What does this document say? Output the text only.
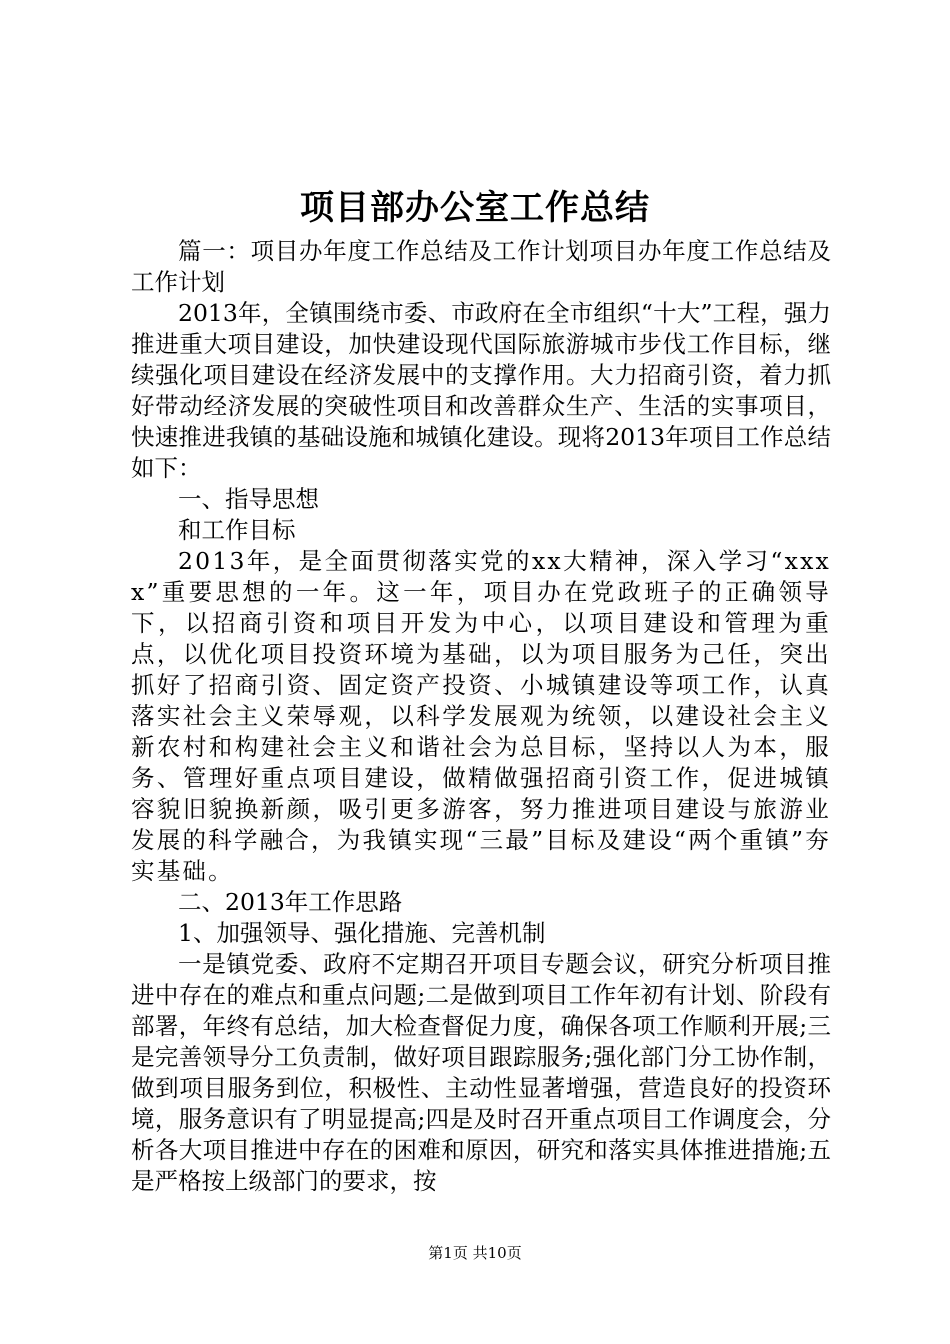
项目部办公室工作总结

篇一：项目办年度工作总结及工作计划项目办年度工作总结及工作计划

2013年，全镇围绕市委、市政府在全市组织“十大”工程，强力推进重大项目建设，加快建设现代国际旅游城市步伐工作目标，继续强化项目建设在经济发展中的支撑作用。大力招商引资，着力抓好带动经济发展的突破性项目和改善群众生产、生活的实事项目，快速推进我镇的基础设施和城镇化建设。现将2013年项目工作总结如下：

一、指导思想

和工作目标

2013年，是全面贯彻落实党的xx大精神，深入学习“xxxx”重要思想的一年。这一年，项目办在党政班子的正确领导下，以招商引资和项目开发为中心，以项目建设和管理为重点，以优化项目投资环境为基础，以为项目服务为己任，突出抓好了招商引资、固定资产投资、小城镇建设等项工作，认真落实社会主义荣辱观，以科学发展观为统领，以建设社会主义新农村和构建社会主义和谐社会为总目标，坚持以人为本，服务、管理好重点项目建设，做精做强招商引资工作，促进城镇容貌旧貌换新颜，吸引更多游客，努力推进项目建设与旅游业发展的科学融合，为我镇实现“三最”目标及建设“两个重镇”夯实基础。

二、2013年工作思路

1、加强领导、强化措施、完善机制

一是镇党委、政府不定期召开项目专题会议，研究分析项目推进中存在的难点和重点问题;二是做到项目工作年初有计划、阶段有部署，年终有总结，加大检查督促力度，确保各项工作顺利开展;三是完善领导分工负责制，做好项目跟踪服务;强化部门分工协作制，做到项目服务到位，积极性、主动性显著增强，营造良好的投资环境，服务意识有了明显提高;四是及时召开重点项目工作调度会，分析各大项目推进中存在的困难和原因，研究和落实具体推进措施;五是严格按上级部门的要求，按

第1页 共10页
